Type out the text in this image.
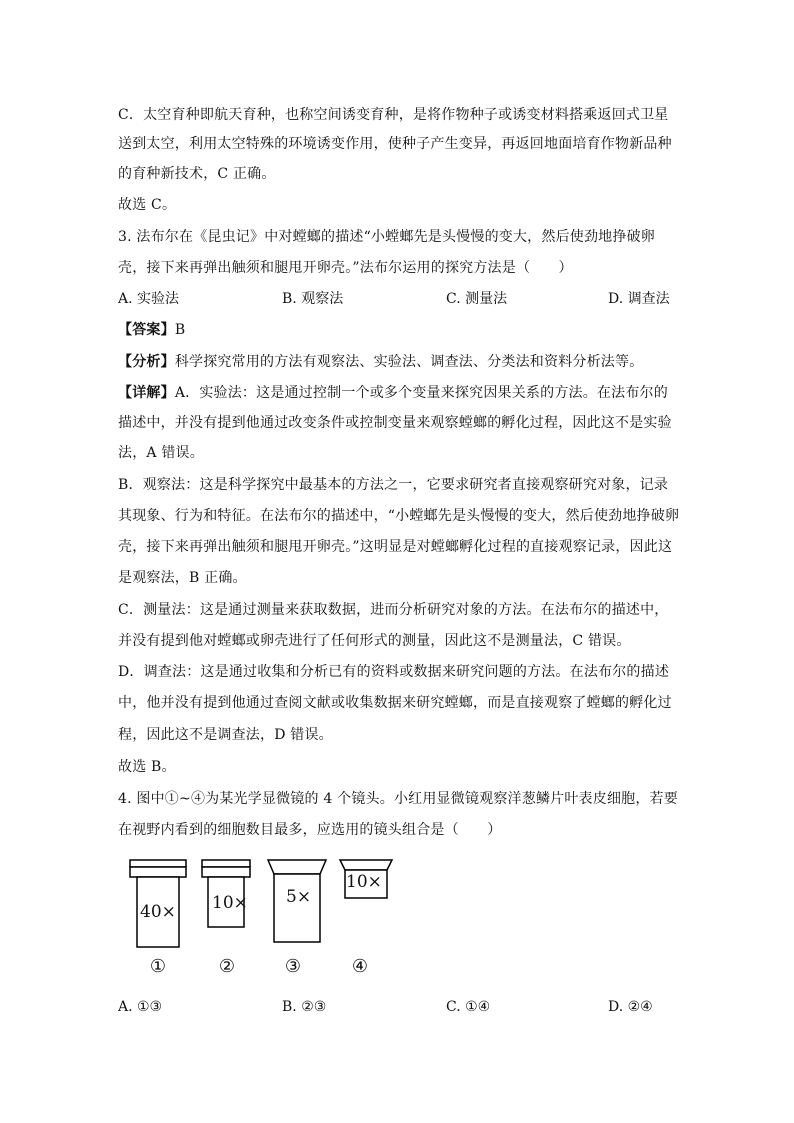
C．太空育种即航天育种，也称空间诱变育种，是将作物种子或诱变材料搭乘返回式卫星
送到太空，利用太空特殊的环境诱变作用，使种子产生变异，再返回地面培育作物新品种
的育种新技术，C 正确。
故选 C。
3. 法布尔在《昆虫记》中对螳螂的描述“小螳螂先是头慢慢的变大，然后使劲地挣破卵
壳，接下来再弹出触须和腿甩开卵壳。”法布尔运用的探究方法是（　　）
A. 实验法	B. 观察法	C. 测量法	D. 调查法
【答案】B
【分析】科学探究常用的方法有观察法、实验法、调查法、分类法和资料分析法等。
【详解】A．实验法：这是通过控制一个或多个变量来探究因果关系的方法。在法布尔的
描述中，并没有提到他通过改变条件或控制变量来观察螳螂的孵化过程，因此这不是实验
法，A 错误。
B．观察法：这是科学探究中最基本的方法之一，它要求研究者直接观察研究对象，记录
其现象、行为和特征。在法布尔的描述中，“小螳螂先是头慢慢的变大，然后使劲地挣破卵
壳，接下来再弹出触须和腿甩开卵壳。”这明显是对螳螂孵化过程的直接观察记录，因此这
是观察法，B 正确。
C．测量法：这是通过测量来获取数据，进而分析研究对象的方法。在法布尔的描述中，
并没有提到他对螳螂或卵壳进行了任何形式的测量，因此这不是测量法，C 错误。
D．调查法：这是通过收集和分析已有的资料或数据来研究问题的方法。在法布尔的描述
中，他并没有提到他通过查阅文献或收集数据来研究螳螂，而是直接观察了螳螂的孵化过
程，因此这不是调查法，D 错误。
故选 B。
4. 图中①~④为某光学显微镜的 4 个镜头。小红用显微镜观察洋葱鳞片叶表皮细胞，若要
在视野内看到的细胞数目最多，应选用的镜头组合是（　　）
40× 10× 5×
10×
①	②	③	④
A. ①③	B. ②③	C. ①④	D. ②④
